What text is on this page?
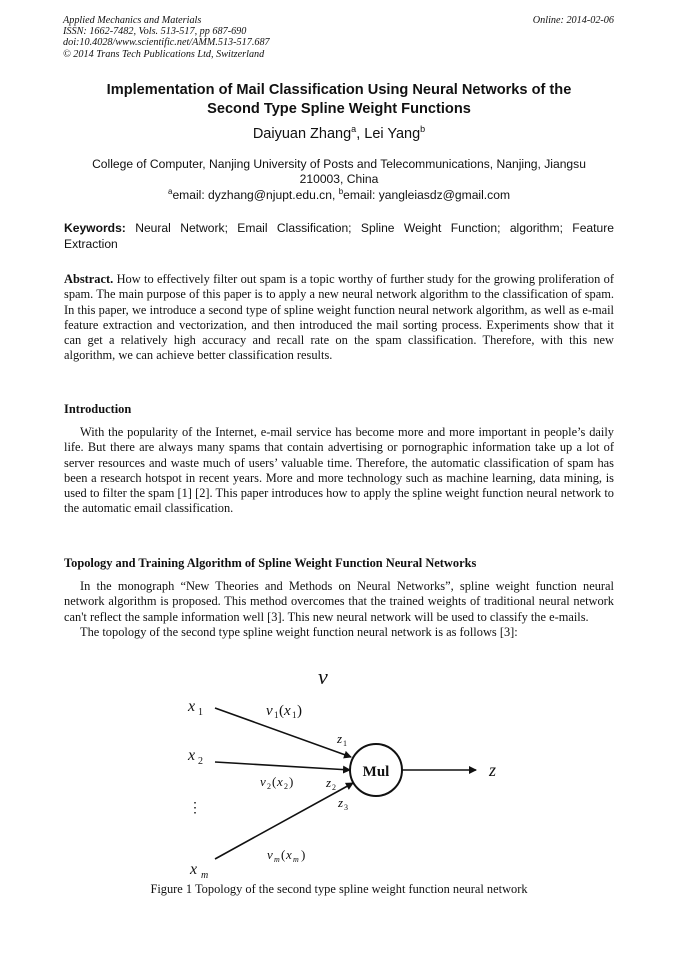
Applied Mechanics and Materials
ISSN: 1662-7482, Vols. 513-517, pp 687-690
doi:10.4028/www.scientific.net/AMM.513-517.687
© 2014 Trans Tech Publications Ltd, Switzerland
Online: 2014-02-06
Implementation of Mail Classification Using Neural Networks of the
Second Type Spline Weight Functions
Daiyuan Zhang$^a$, Lei Yang$^b$
College of Computer, Nanjing University of Posts and Telecommunications, Nanjing, Jiangsu
210003, China
$^a$email: dyzhang@njupt.edu.cn, $^b$email: yangleiasdz@gmail.com
Keywords: Neural Network; Email Classification; Spline Weight Function; algorithm; Feature Extraction

Abstract. How to effectively filter out spam is a topic worthy of further study for the growing proliferation of spam. The main purpose of this paper is to apply a new neural network algorithm to the classification of spam. In this paper, we introduce a second type of spline weight function neural network algorithm, as well as e-mail feature extraction and vectorization, and then introduced the mail sorting process. Experiments show that it can get a relatively high accuracy and recall rate on the spam classification. Therefore, with this new algorithm, we can achieve better classification results.

Introduction

With the popularity of the Internet, e-mail service has become more and more important in people’s daily life. But there are always many spams that contain advertising or pornographic information take up a lot of server resources and waste much of users’ valuable time. Therefore, the automatic classification of spam has been a research hotspot in recent years. More and more technology such as machine learning, data mining, is used to filter the spam [1] [2]. This paper introduces how to apply the spline weight function neural network to the automatic email classification.

Topology and Training Algorithm of Spline Weight Function Neural Networks

In the monograph “New Theories and Methods on Neural Networks”, spline weight function neural network algorithm is proposed. This method overcomes that the trained weights of traditional neural network can't reflect the sample information well [3]. This new neural network will be used to classify the e-mails.

The topology of the second type spline weight function neural network is as follows [3]:

v
x 1
x 2
⋮
x m
Mul	z
v 1 ( x 1 )
v 2 ( x 2 )
v m ( x m )
z 1
z 2
z 3
Figure 1 Topology of the second type spline weight function neural network
